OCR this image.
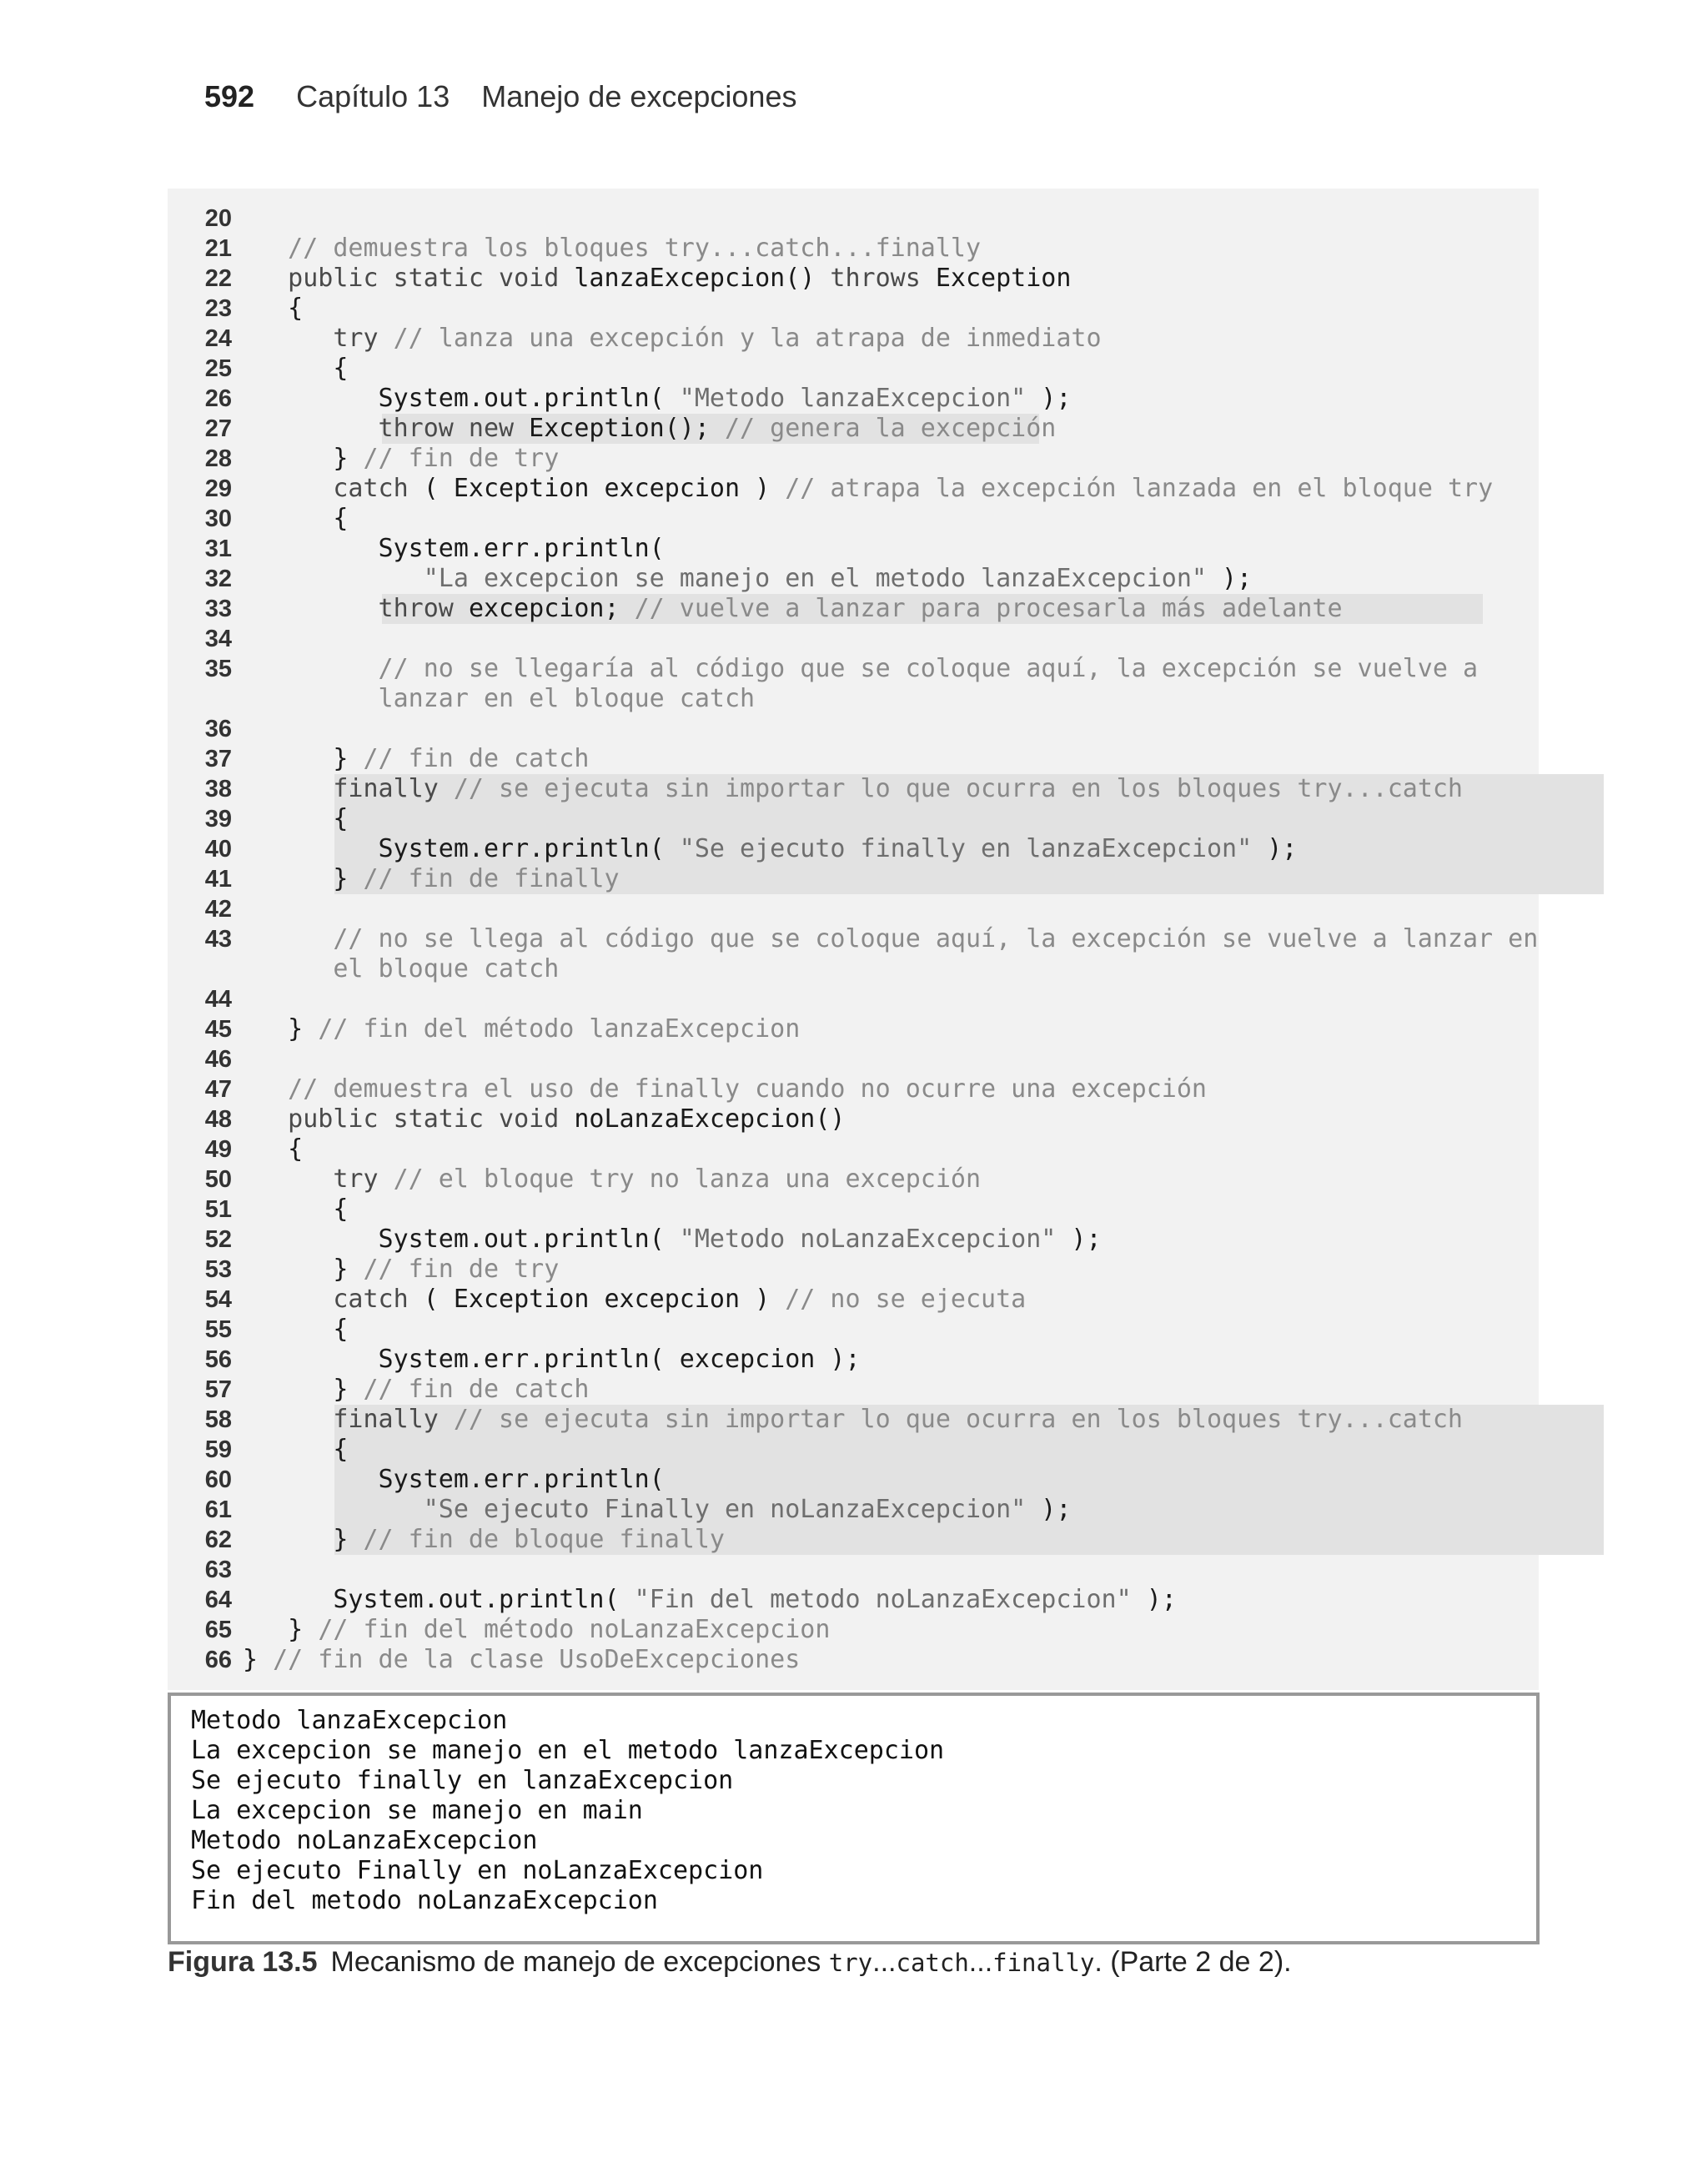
592 Capítulo 13 Manejo de excepciones
20
21 // demuestra los bloques try...catch...finally
22 public static void lanzaExcepcion() throws Exception
23 {
24 try // lanza una excepción y la atrapa de inmediato
25 {
26 System.out.println( "Metodo lanzaExcepcion" );
27 throw new Exception(); // genera la excepción
28 } // fin de try
29 catch ( Exception excepcion ) // atrapa la excepción lanzada en el bloque try
30 {
31 System.err.println(
32 "La excepcion se manejo en el metodo lanzaExcepcion" );
33 throw excepcion; // vuelve a lanzar para procesarla más adelante
34
35 // no se llegaría al código que se coloque aquí, la excepción se vuelve a
lanzar en el bloque catch
36
37 } // fin de catch
38 finally // se ejecuta sin importar lo que ocurra en los bloques try...catch
39 {
40 System.err.println( "Se ejecuto finally en lanzaExcepcion" );
41 } // fin de finally
42
43 // no se llega al código que se coloque aquí, la excepción se vuelve a lanzar en
el bloque catch
44
45 } // fin del método lanzaExcepcion
46
47 // demuestra el uso de finally cuando no ocurre una excepción
48 public static void noLanzaExcepcion()
49 {
50 try // el bloque try no lanza una excepción
51 {
52 System.out.println( "Metodo noLanzaExcepcion" );
53 } // fin de try
54 catch ( Exception excepcion ) // no se ejecuta
55 {
56 System.err.println( excepcion );
57 } // fin de catch
58 finally // se ejecuta sin importar lo que ocurra en los bloques try...catch
59 {
60 System.err.println(
61 "Se ejecuto Finally en noLanzaExcepcion" );
62 } // fin de bloque finally
63
64 System.out.println( "Fin del metodo noLanzaExcepcion" );
65 } // fin del método noLanzaExcepcion
66 } // fin de la clase UsoDeExcepciones
Metodo lanzaExcepcion
La excepcion se manejo en el metodo lanzaExcepcion
Se ejecuto finally en lanzaExcepcion
La excepcion se manejo en main
Metodo noLanzaExcepcion
Se ejecuto Finally en noLanzaExcepcion
Fin del metodo noLanzaExcepcion
Figura 13.5 Mecanismo de manejo de excepciones try...catch...finally. (Parte 2 de 2).
